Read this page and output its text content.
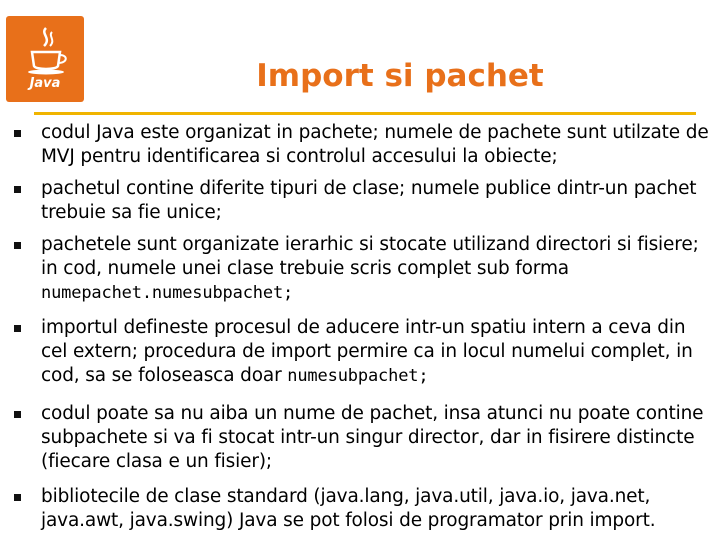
Java	Import si pachet
codul Java este organizat in pachete; numele de pachete sunt utilzate de MVJ pentru identificarea si controlul accesului la obiecte;
pachetul contine diferite tipuri de clase; numele publice dintr-un pachet trebuie sa fie unice;
pachetele sunt organizate ierarhic si stocate utilizand directori si fisiere; in cod, numele unei clase trebuie scris complet sub forma numepachet.numesubpachet;
importul defineste procesul de aducere intr-un spatiu intern a ceva din cel extern; procedura de import permire ca in locul numelui complet, in cod, sa se foloseasca doar numesubpachet;
codul poate sa nu aiba un nume de pachet, insa atunci nu poate contine subpachete si va fi stocat intr-un singur director, dar in fisirere distincte (fiecare clasa e un fisier);
bibliotecile de clase standard (java.lang, java.util, java.io, java.net, java.awt, java.swing) Java se pot folosi de programator prin import.
